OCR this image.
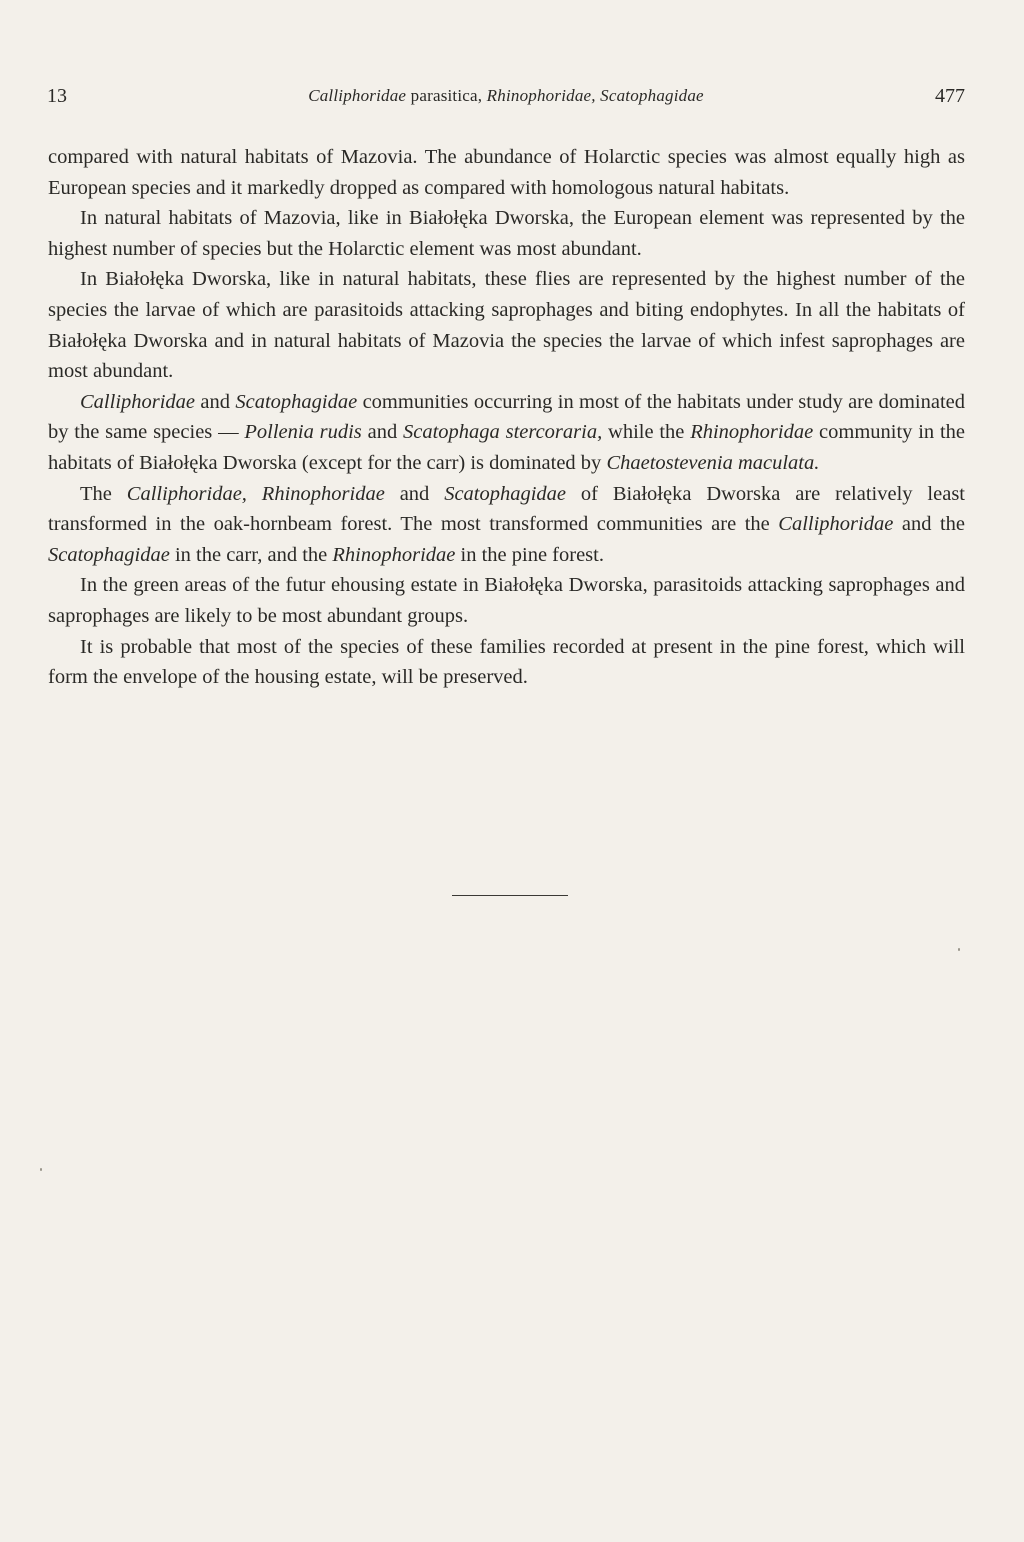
13	Calliphoridae parasitica, Rhinophoridae, Scatophagidae	477

compared with natural habitats of Mazovia. The abundance of Holarctic species was almost equally high as European species and it markedly dropped as compared with homologous natural habitats.

In natural habitats of Mazovia, like in Białołęka Dworska, the European element was represented by the highest number of species but the Holarctic element was most abundant.

In Białołęka Dworska, like in natural habitats, these flies are represented by the highest number of the species the larvae of which are parasitoids attacking saprophages and biting endophytes. In all the habitats of Białołęka Dworska and in natural habitats of Mazovia the species the larvae of which infest saprophages are most abundant.

Calliphoridae and Scatophagidae communities occurring in most of the habitats under study are dominated by the same species — Pollenia rudis and Scatophaga stercoraria, while the Rhinophoridae community in the habitats of Białołęka Dworska (except for the carr) is dominated by Chaetostevenia maculata.

The Calliphoridae, Rhinophoridae and Scatophagidae of Białołęka Dworska are relatively least transformed in the oak-hornbeam forest. The most transformed communities are the Calliphoridae and the Scatophagidae in the carr, and the Rhinophoridae in the pine forest.

In the green areas of the futur ehousing estate in Białołęka Dworska, parasitoids attacking saprophages and saprophages are likely to be most abundant groups.

It is probable that most of the species of these families recorded at present in the pine forest, which will form the envelope of the housing estate, will be preserved.
